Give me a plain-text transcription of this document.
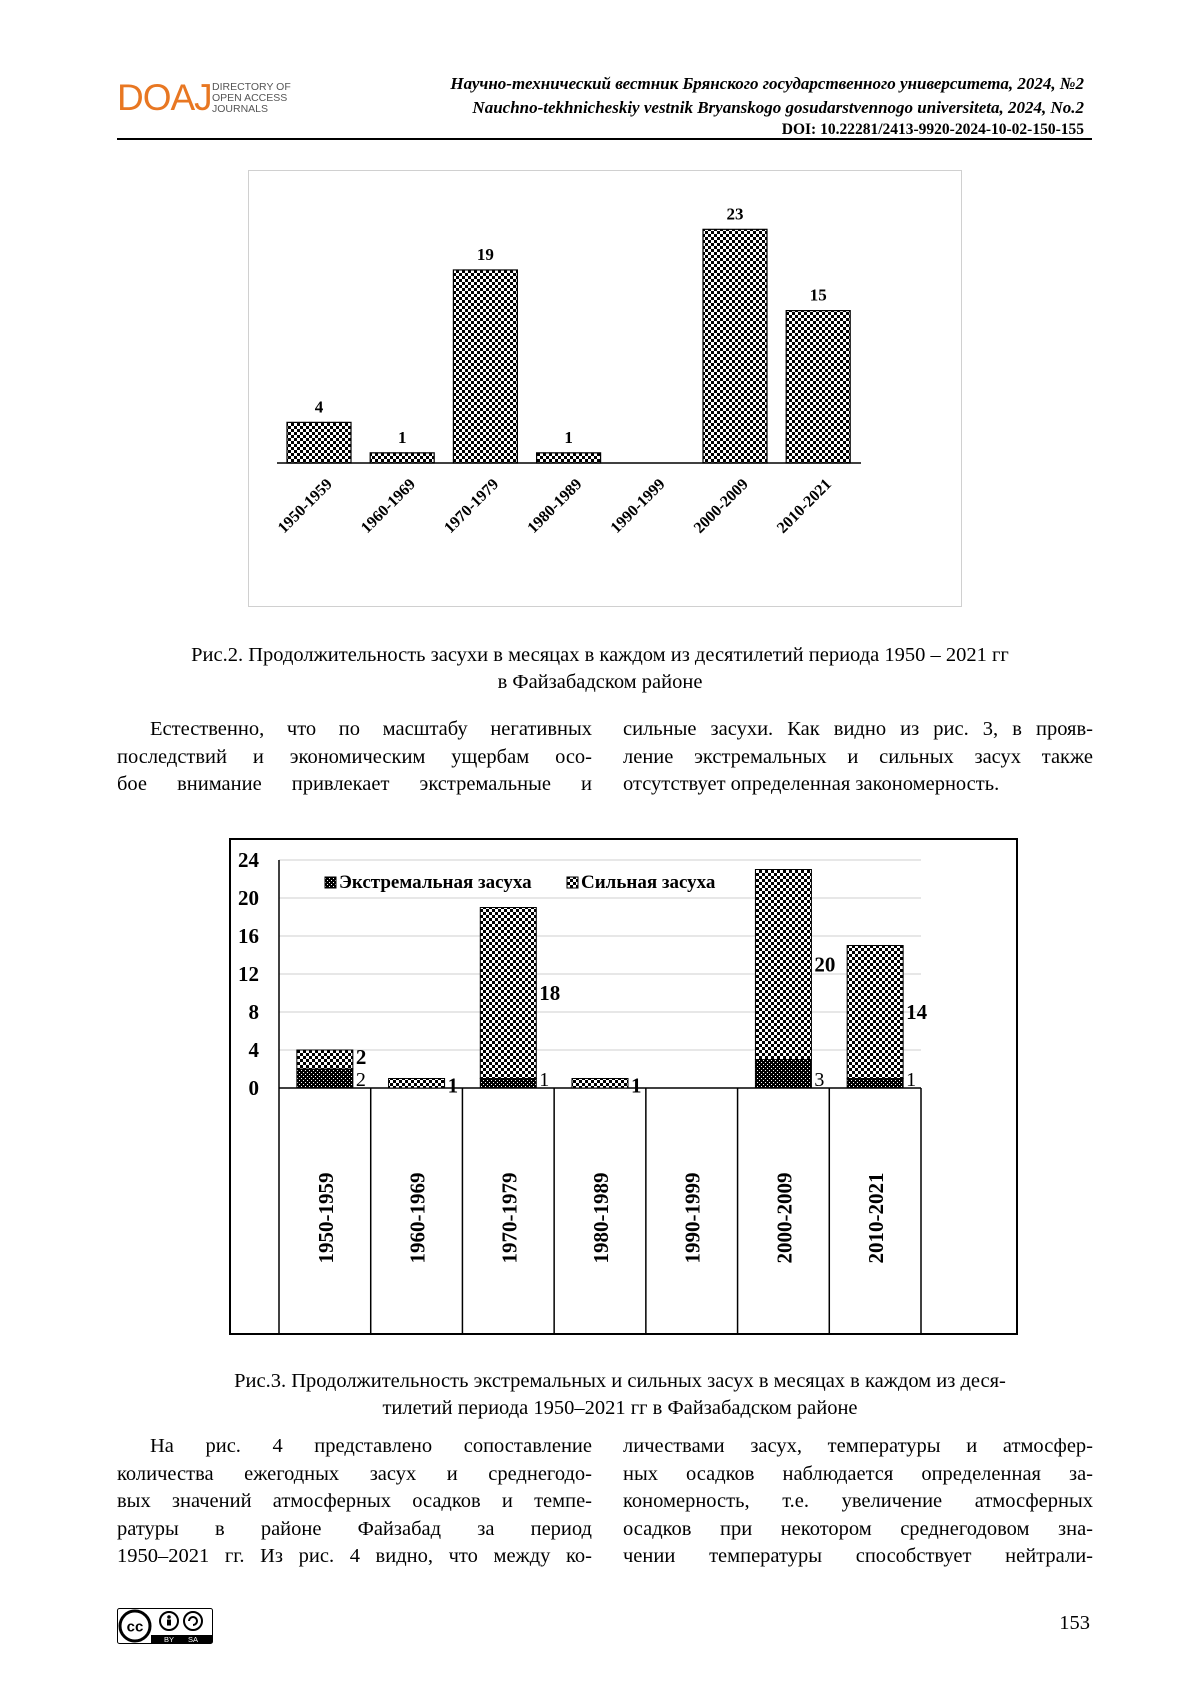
DOAJ DIRECTORY OF
OPEN ACCESS
JOURNALS
Научно-технический вестник Брянского государственного университета, 2024, №2
Nauchno-tekhnicheskiy vestnik Bryanskogo gosudarstvennogo universiteta, 2024, No.2
DOI: 10.22281/2413-9920-2024-10-02-150-155
4
1950-1959
1
1960-1969
19
1970-1979
1
1980-1989 1990-1999
23
2000-2009
15
2010-2021
Рис.2. Продолжительность засухи в месяцах в каждом из десятилетий периода 1950 – 2021 гг
в Файзабадском районе
Естественно, что по масштабу негативных
последствий и экономическим ущербам осо-
бое внимание привлекает экстремальные и
сильные засухи. Как видно из рис. 3, в прояв-
ление экстремальных и сильных засух также
отсутствует определенная закономерность.
0
4
8
12
16
20
24
2
2
1950-1959
1
1960-1969
1
18
1970-1979
1
1980-1989	1990-1999
3
20
2000-2009
1
14
2010-2021
Экстремальная засуха	Сильная засуха
Рис.3. Продолжительность экстремальных и сильных засух в месяцах в каждом из деся-
тилетий периода 1950–2021 гг в Файзабадском районе
На рис. 4 представлено сопоставление
количества ежегодных засух и среднегодо-
вых значений атмосферных осадков и темпе-
ратуры в районе Файзабад за период
1950‒2021 гг. Из рис. 4 видно, что между ко-
личествами засух, температуры и атмосфер-
ных осадков наблюдается определенная за-
кономерность, т.е. увеличение атмосферных
осадков при некотором среднегодовом зна-
чении температуры способствует нейтрали-
cc
BY SA
153
